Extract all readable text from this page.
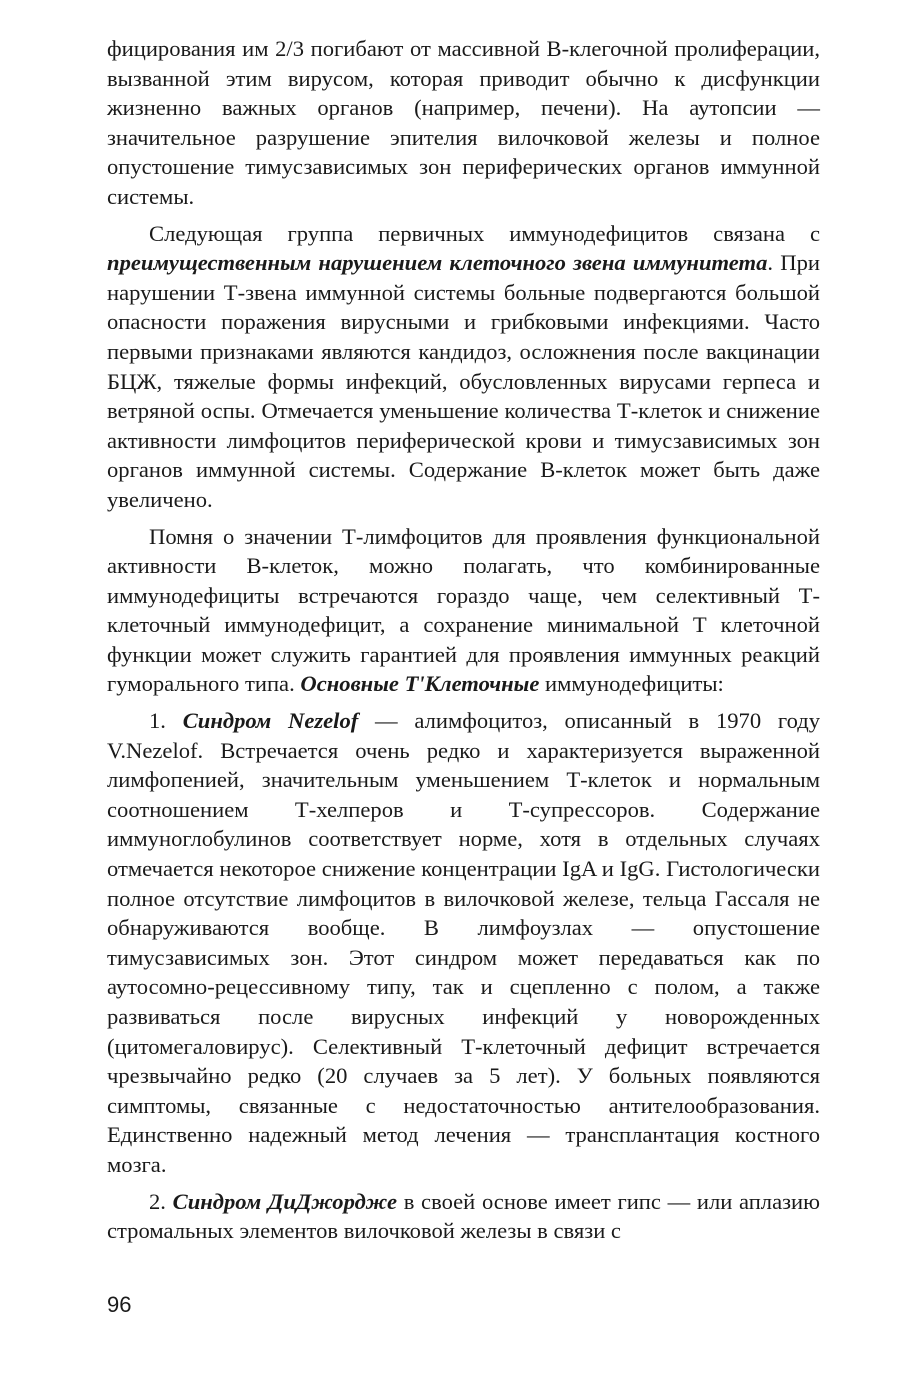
фицирования им 2/3 погибают от массивной В-клегочной пролиферации, вызванной этим вирусом, которая приводит обычно к дисфункции жизненно важных органов (например, печени). На аутопсии — значительное разрушение эпителия вилочковой железы и полное опустошение тимусзависимых зон периферических органов иммунной системы.

Следующая группа первичных иммунодефицитов связана с преимущественным нарушением клеточного звена иммунитета. При нарушении Т-звена иммунной системы больные подвергаются большой опасности поражения вирусными и грибковыми инфекциями. Часто первыми признаками являются кандидоз, осложнения после вакцинации БЦЖ, тяжелые формы инфекций, обусловленных вирусами герпеса и ветряной оспы. Отмечается уменьшение количества Т-клеток и снижение активности лимфоцитов периферической крови и тимусзависимых зон органов иммунной системы. Содержание В-клеток может быть даже увеличено.

Помня о значении Т-лимфоцитов для проявления функциональной активности В-клеток, можно полагать, что комбинированные иммунодефициты встречаются гораздо чаще, чем селективный Т-клеточный иммунодефицит, а сохранение минимальной Т клеточной функции может служить гарантией для проявления иммунных реакций гуморального типа. Основные Т'Клеточные иммунодефициты:

1. Синдром Nezelof — алимфоцитоз, описанный в 1970 году V.Nezelof. Встречается очень редко и характеризуется выраженной лимфопенией, значительным уменьшением Т-клеток и нормальным соотношением Т-хелперов и Т-супрессоров. Содержание иммуноглобулинов соответствует норме, хотя в отдельных случаях отмечается некоторое снижение концентрации IgA и IgG. Гистологически полное отсутствие лимфоцитов в вилочковой железе, тельца Гассаля не обнаруживаются вообще. В лимфоузлах — опустошение тимусзависимых зон. Этот синдром может передаваться как по аутосомно-рецессивному типу, так и сцепленно с полом, а также развиваться после вирусных инфекций у новорожденных (цитомегаловирус). Селективный Т-клеточный дефицит встречается чрезвычайно редко (20 случаев за 5 лет). У больных появляются симптомы, связанные с недостаточностью антителообразования. Единственно надежный метод лечения — трансплантация костного мозга.

2. Синдром ДиДжордже в своей основе имеет гипс — или аплазию стромальных элементов вилочковой железы в связи с

96
